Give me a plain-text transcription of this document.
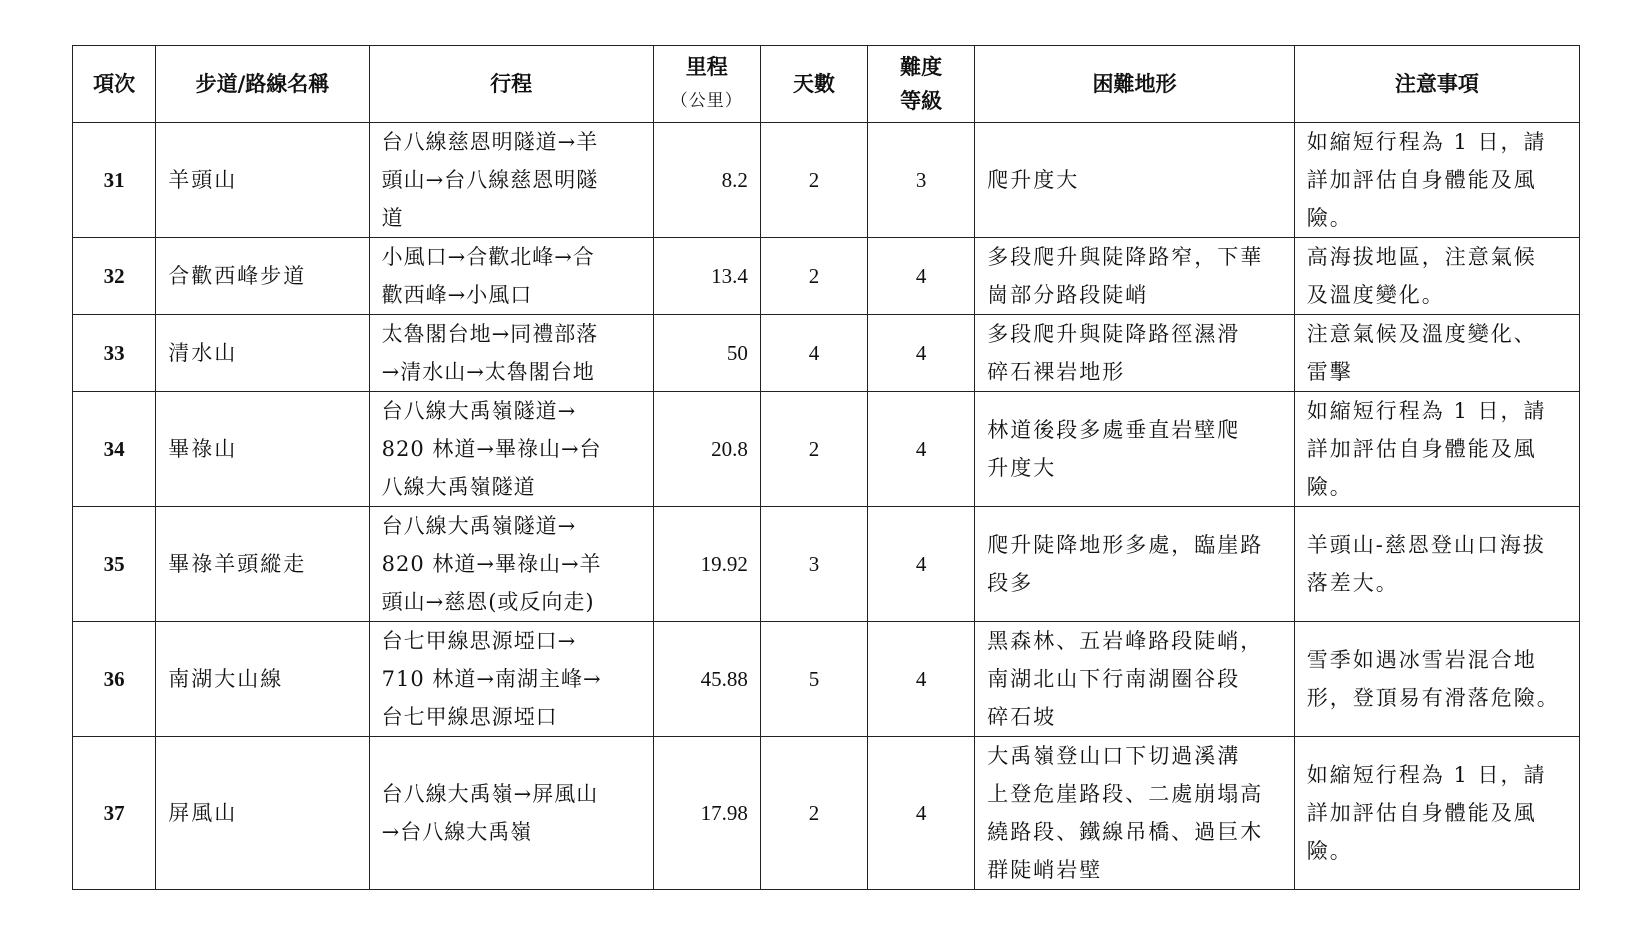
項次	步道/路線名稱	行程	里程
（公里）	天數	難度
等級	困難地形	注意事項
31	羊頭山	台八線慈恩明隧道→羊
頭山→台八線慈恩明隧
道	8.2	2	3	爬升度大	如縮短行程為 1 日，請
詳加評估自身體能及風
險。

32	合歡西峰步道	小風口→合歡北峰→合
歡西峰→小風口	13.4	2	4	多段爬升與陡降路窄，下華
崗部分路段陡峭	高海拔地區，注意氣候
及溫度變化。

33	清水山	太魯閣台地→同禮部落
→清水山→太魯閣台地	50	4	4	多段爬升與陡降路徑濕滑
碎石裸岩地形	注意氣候及溫度變化、
雷擊

34	畢祿山	台八線大禹嶺隧道→
820 林道→畢祿山→台
八線大禹嶺隧道	20.8	2	4	林道後段多處垂直岩壁爬
升度大	如縮短行程為 1 日，請
詳加評估自身體能及風
險。

35	畢祿羊頭縱走	台八線大禹嶺隧道→
820 林道→畢祿山→羊
頭山→慈恩(或反向走)	19.92	3	4	爬升陡降地形多處，臨崖路
段多	羊頭山-慈恩登山口海拔
落差大。

36	南湖大山線	台七甲線思源埡口→
710 林道→南湖主峰→
台七甲線思源埡口	45.88	5	4	黑森林、五岩峰路段陡峭，
南湖北山下行南湖圈谷段
碎石坡	雪季如遇冰雪岩混合地
形，登頂易有滑落危險。

37	屏風山	台八線大禹嶺→屏風山
→台八線大禹嶺	17.98	2	4	大禹嶺登山口下切過溪溝
上登危崖路段、二處崩塌高
繞路段、鐵線吊橋、過巨木
群陡峭岩壁	如縮短行程為 1 日，請
詳加評估自身體能及風
險。
